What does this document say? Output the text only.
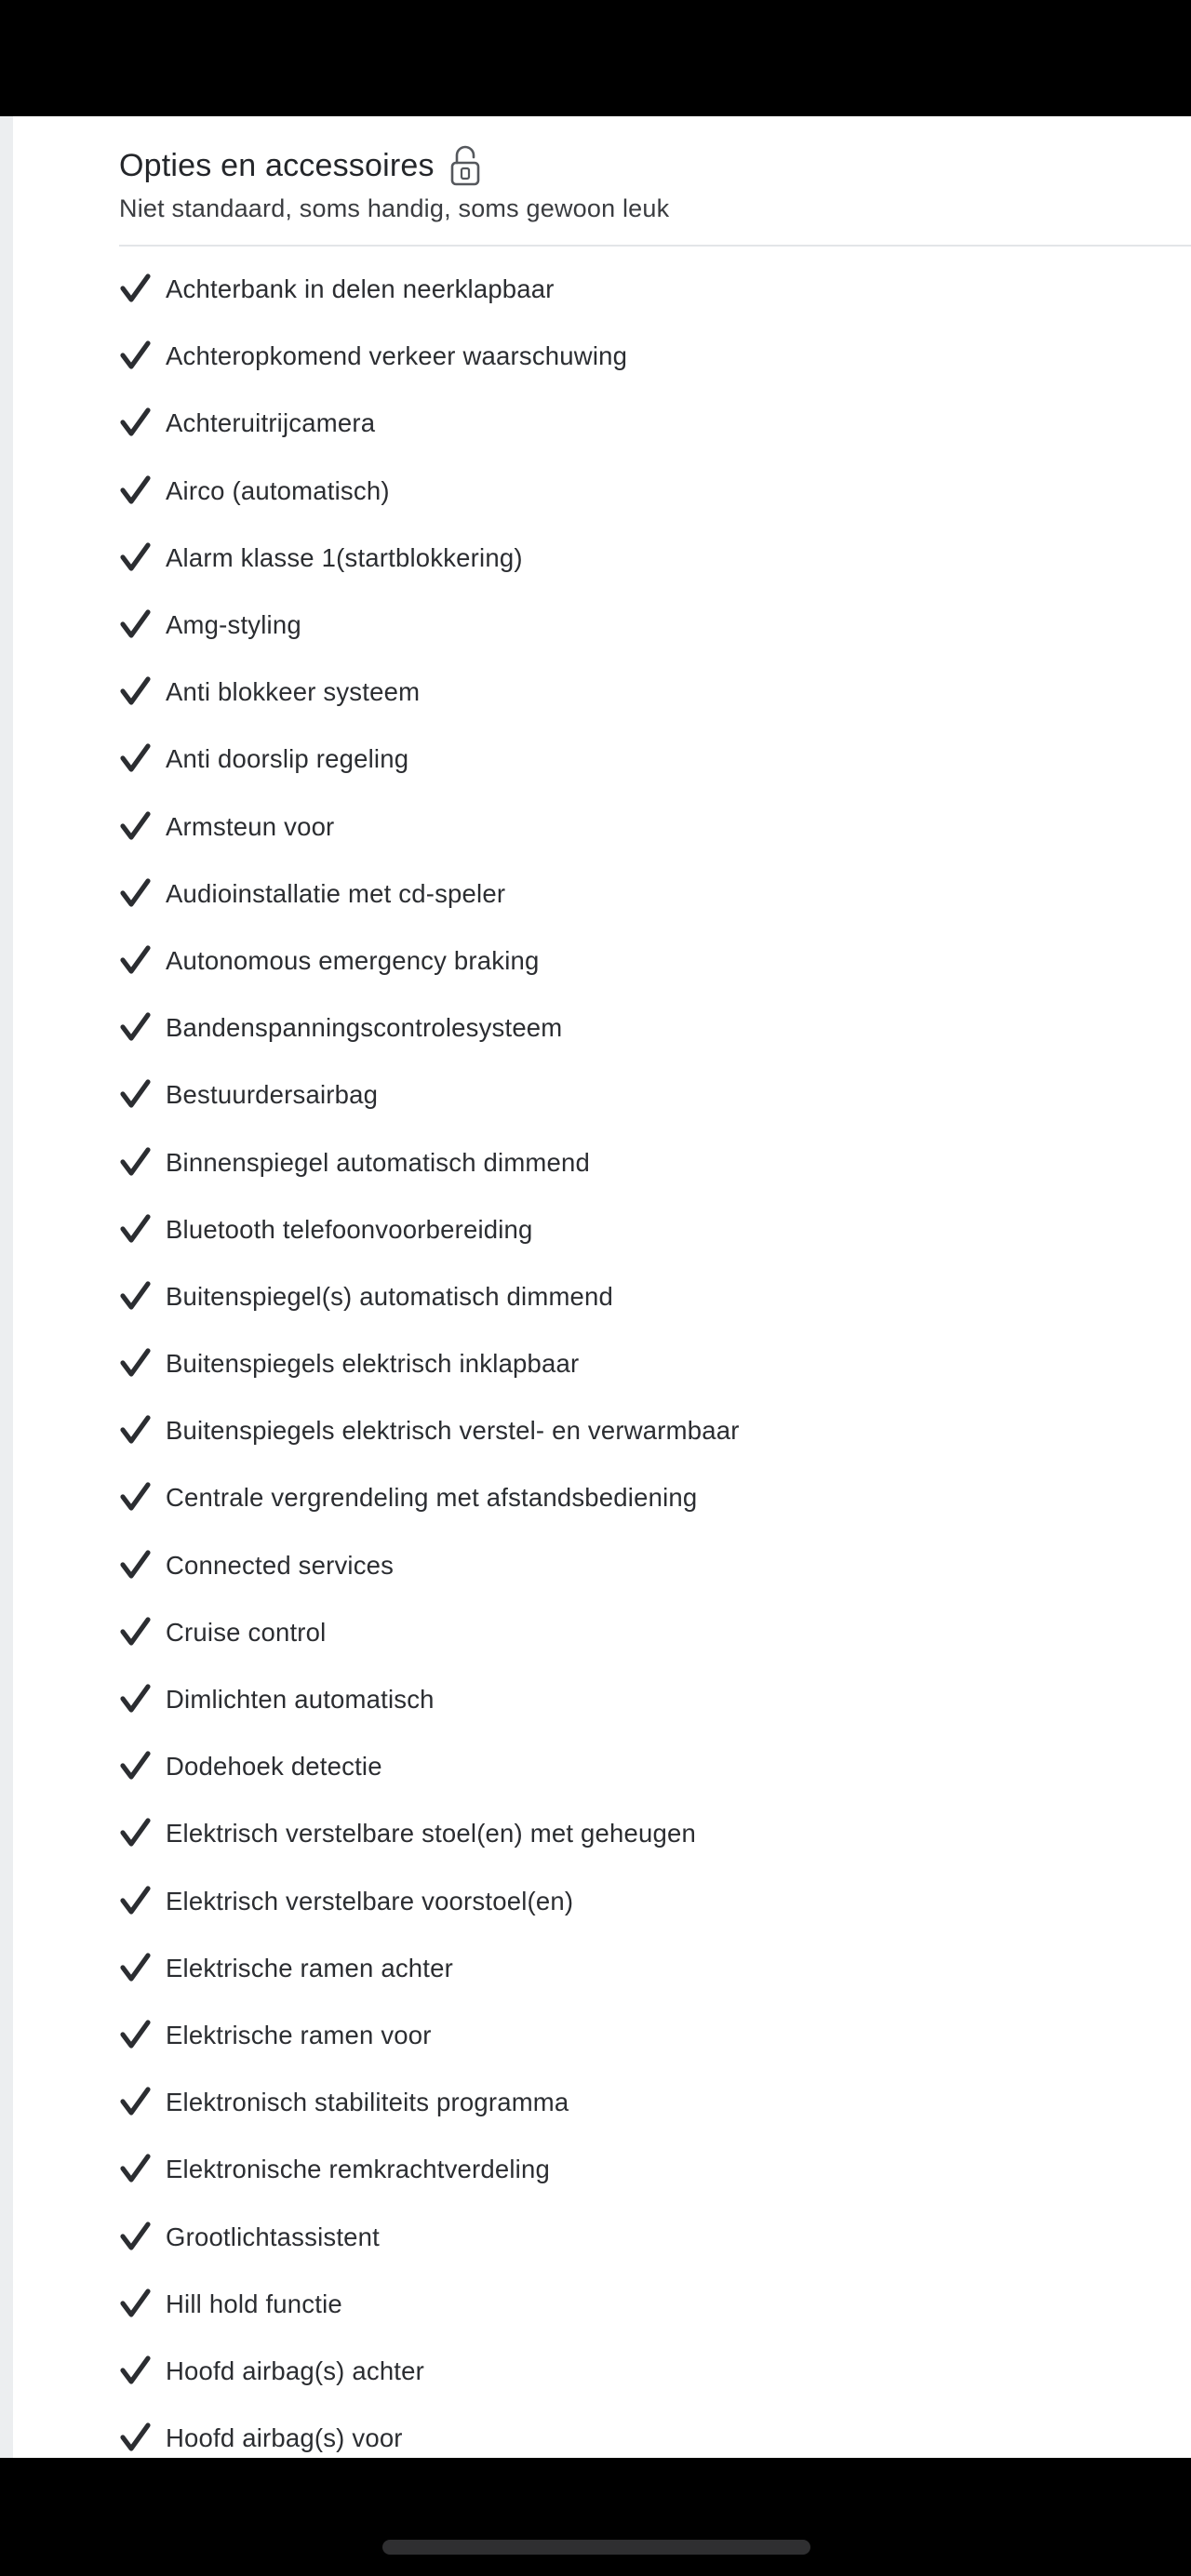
Opties en accessoires
Niet standaard, soms handig, soms gewoon leuk
Achterbank in delen neerklapbaar
Achteropkomend verkeer waarschuwing
Achteruitrijcamera
Airco (automatisch)
Alarm klasse 1(startblokkering)
Amg-styling
Anti blokkeer systeem
Anti doorslip regeling
Armsteun voor
Audioinstallatie met cd-speler
Autonomous emergency braking
Bandenspanningscontrolesysteem
Bestuurdersairbag
Binnenspiegel automatisch dimmend
Bluetooth telefoonvoorbereiding
Buitenspiegel(s) automatisch dimmend
Buitenspiegels elektrisch inklapbaar
Buitenspiegels elektrisch verstel- en verwarmbaar
Centrale vergrendeling met afstandsbediening
Connected services
Cruise control
Dimlichten automatisch
Dodehoek detectie
Elektrisch verstelbare stoel(en) met geheugen
Elektrisch verstelbare voorstoel(en)
Elektrische ramen achter
Elektrische ramen voor
Elektronisch stabiliteits programma
Elektronische remkrachtverdeling
Grootlichtassistent
Hill hold functie
Hoofd airbag(s) achter
Hoofd airbag(s) voor
